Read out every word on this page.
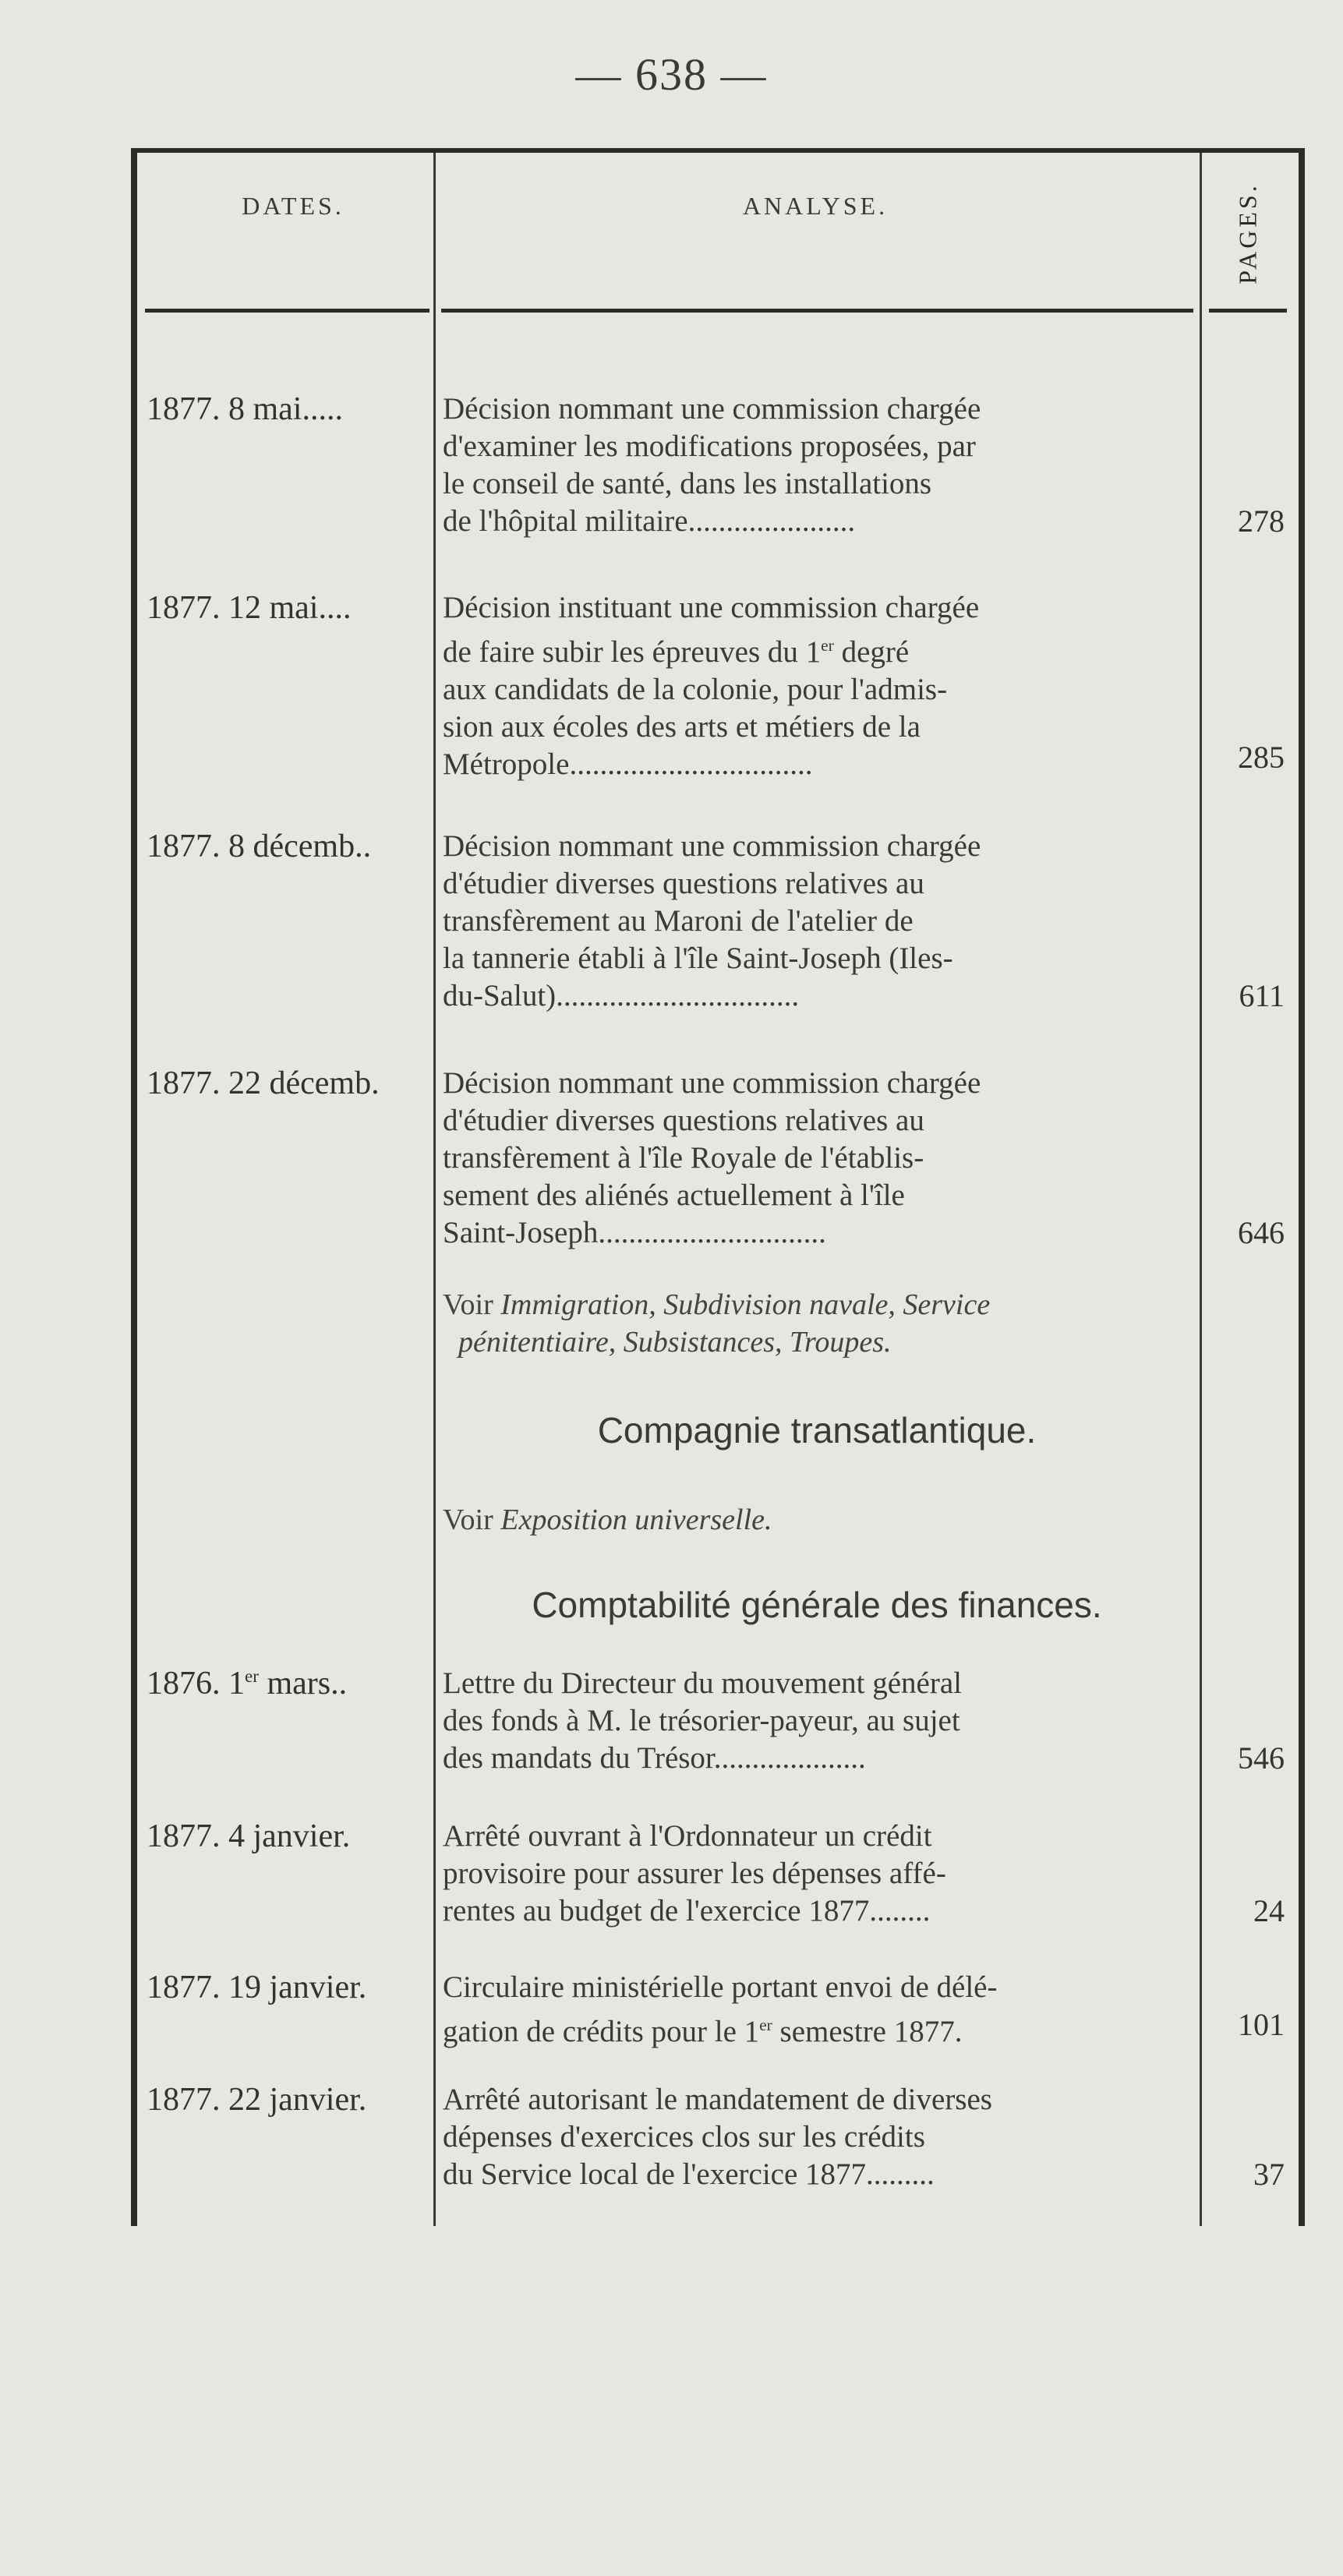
— 638 —
DATES.	ANALYSE.	PAGES.
1877. 8 mai.....	Décision nommant une commission chargée
d'examiner les modifications proposées, par
le conseil de santé, dans les installations
de l'hôpital militaire......................	278
1877. 12 mai....	Décision instituant une commission chargée
de faire subir les épreuves du 1er degré
aux candidats de la colonie, pour l'admis-
sion aux écoles des arts et métiers de la
Métropole................................	285
1877. 8 décemb..	Décision nommant une commission chargée
d'étudier diverses questions relatives au
transfèrement au Maroni de l'atelier de
la tannerie établi à l'île Saint-Joseph (Iles-
du-Salut)................................	611
1877. 22 décemb.	Décision nommant une commission chargée
d'étudier diverses questions relatives au
transfèrement à l'île Royale de l'établis-
sement des aliénés actuellement à l'île
Saint-Joseph..............................	646
Voir Immigration, Subdivision navale, Service
pénitentiaire, Subsistances, Troupes.
Compagnie transatlantique.
Voir Exposition universelle.
Comptabilité générale des finances.
1876. 1er mars..	Lettre du Directeur du mouvement général
des fonds à M. le trésorier-payeur, au sujet
des mandats du Trésor....................	546
1877. 4 janvier.	Arrêté ouvrant à l'Ordonnateur un crédit
provisoire pour assurer les dépenses affé-
rentes au budget de l'exercice 1877........	24
1877. 19 janvier.	Circulaire ministérielle portant envoi de délé-
gation de crédits pour le 1er semestre 1877.	101
1877. 22 janvier.	Arrêté autorisant le mandatement de diverses
dépenses d'exercices clos sur les crédits
du Service local de l'exercice 1877.........	37
